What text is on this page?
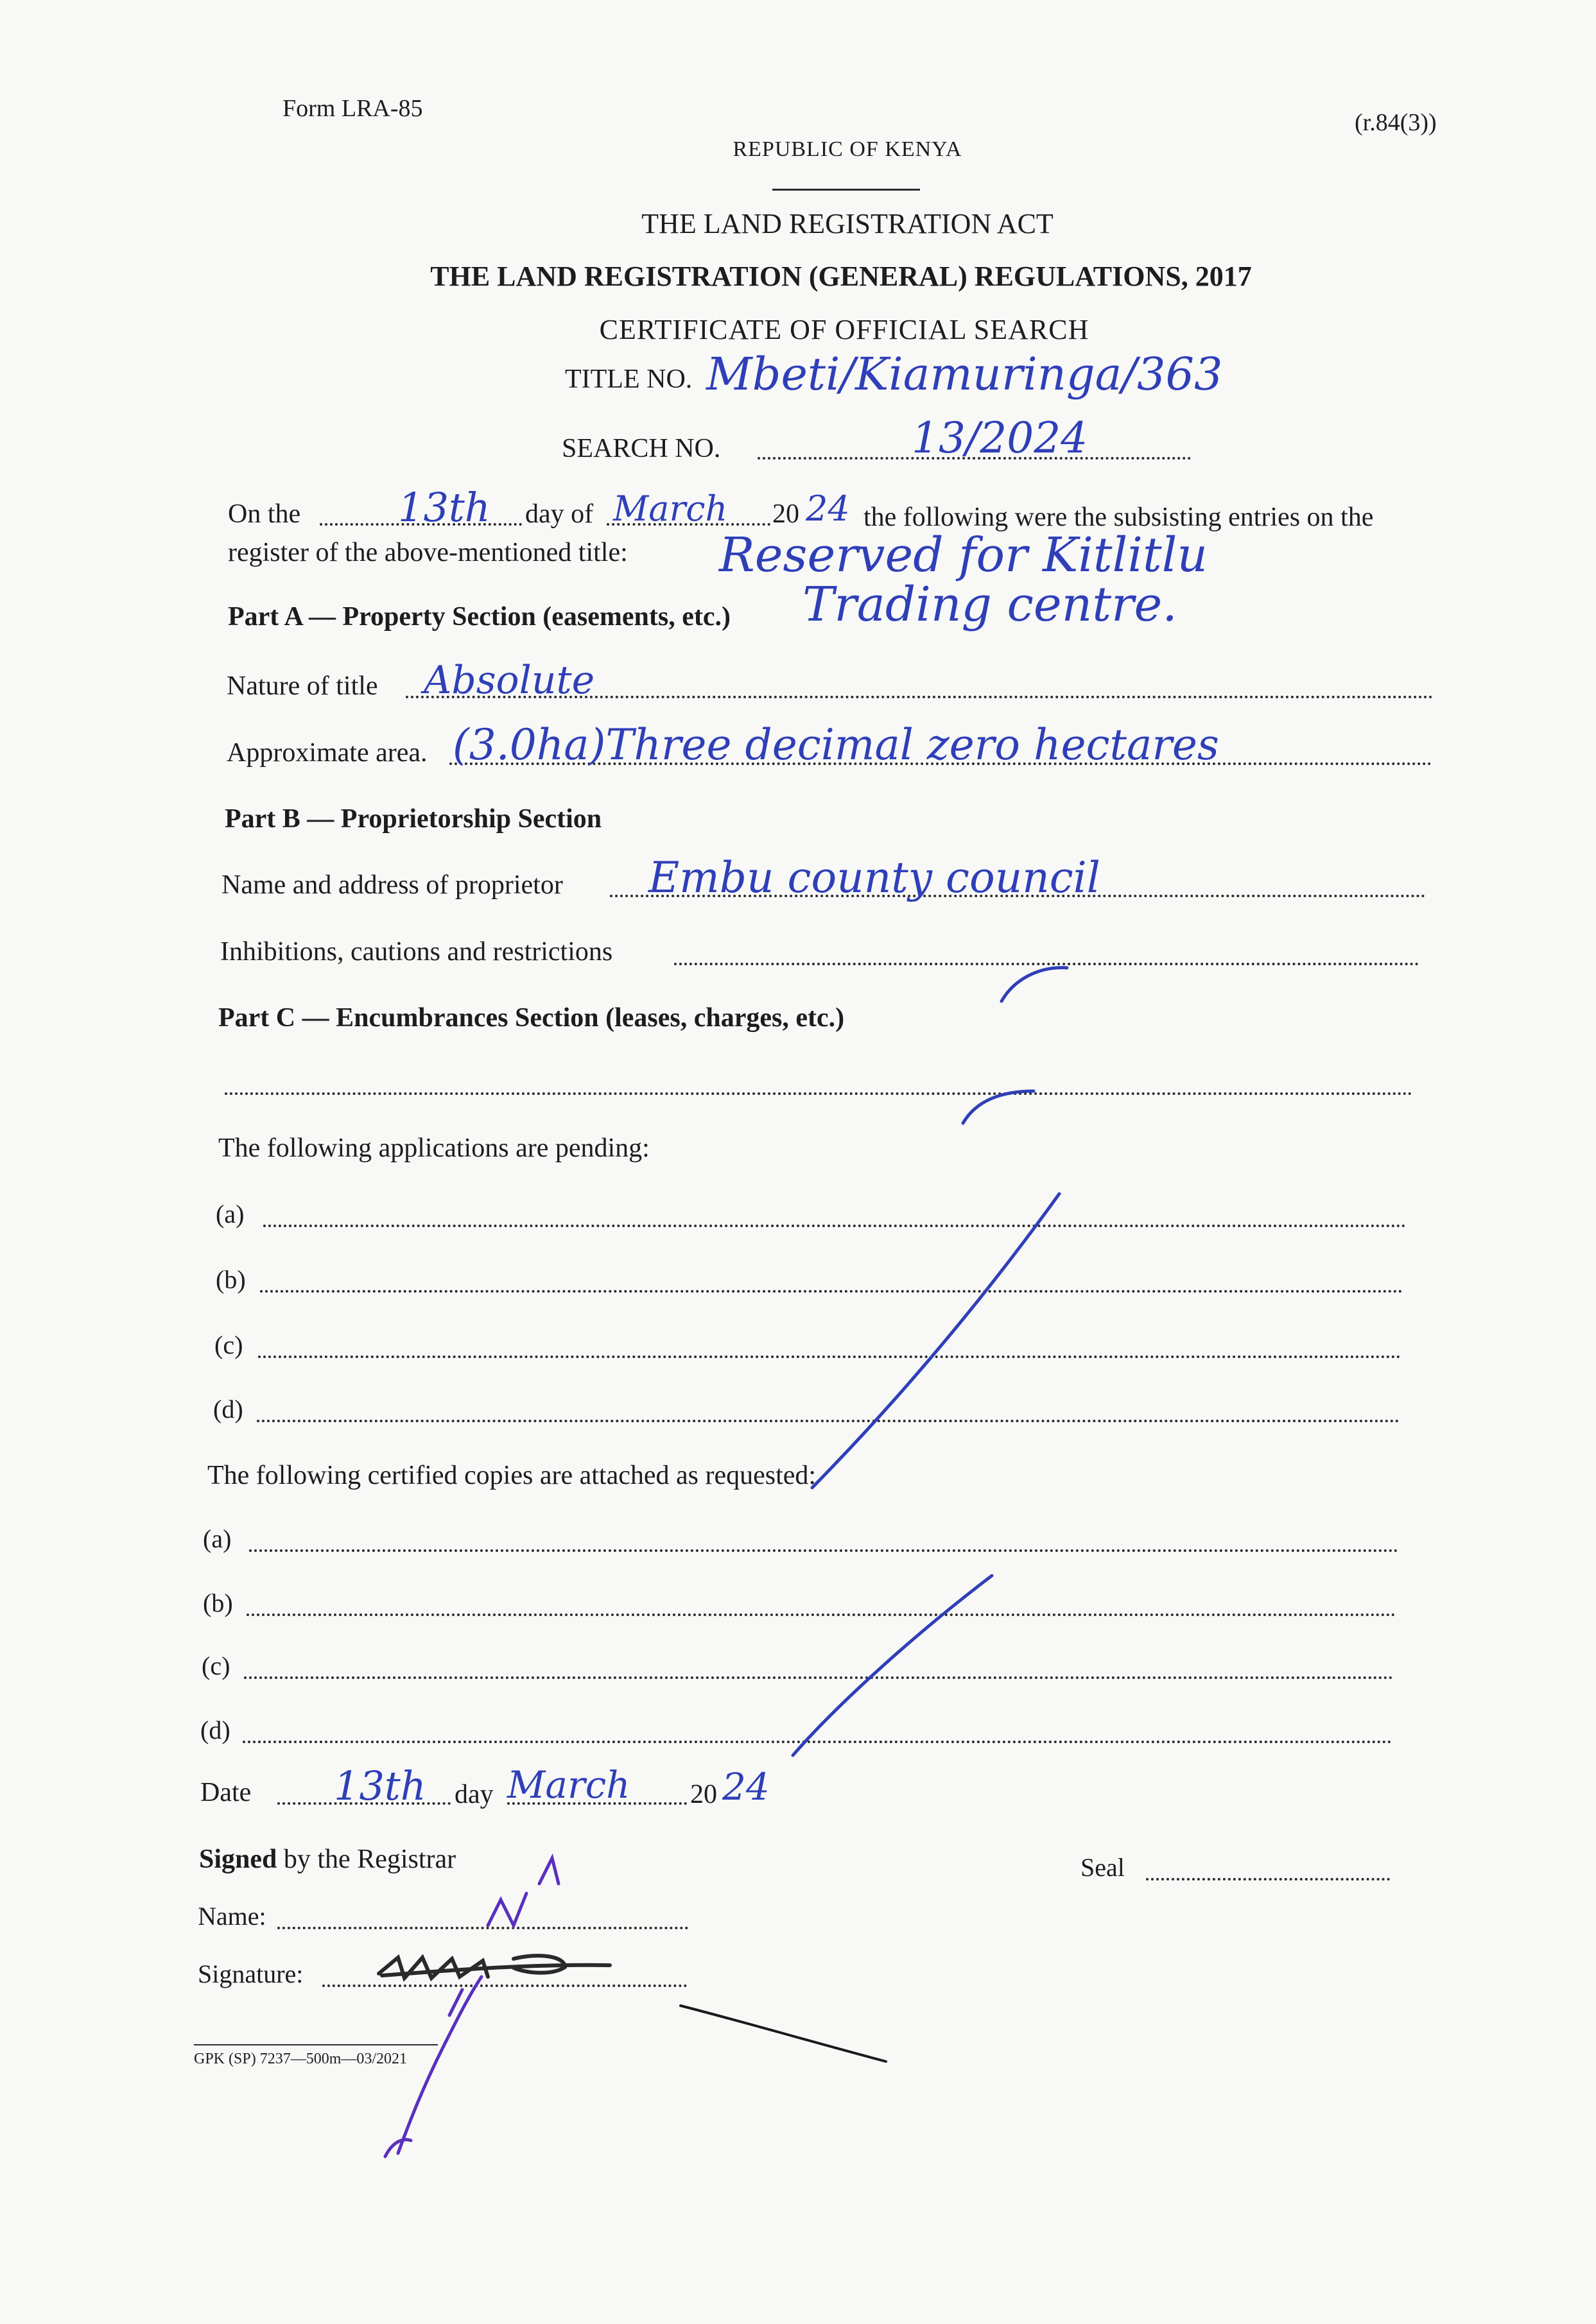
Form LRA-85
(r.84(3))
REPUBLIC OF KENYA
THE LAND REGISTRATION ACT
THE LAND REGISTRATION (GENERAL) REGULATIONS, 2017
CERTIFICATE OF OFFICIAL SEARCH
TITLE NO. Mbeti/Kiamuringa/363
SEARCH NO.	13/2024
On the 13th day of March 20 24 the following were the subsisting entries on the
register of the above-mentioned title: Reserved for Kitlitlu
Trading centre.
Part A — Property Section (easements, etc.)
Nature of title Absolute
Approximate area. (3.0ha)Three decimal zero hectares
Part B — Proprietorship Section
Name and address of proprietor Embu county council
Inhibitions, cautions and restrictions
Part C — Encumbrances Section (leases, charges, etc.)
The following applications are pending:
(a)
(b)
(c)
(d)
The following certified copies are attached as requested:
(a)
(b)
(c)
(d)
Date 13th day March 20 24
Signed by the Registrar	Seal
Name:
Signature:
GPK (SP) 7237—500m—03/2021
